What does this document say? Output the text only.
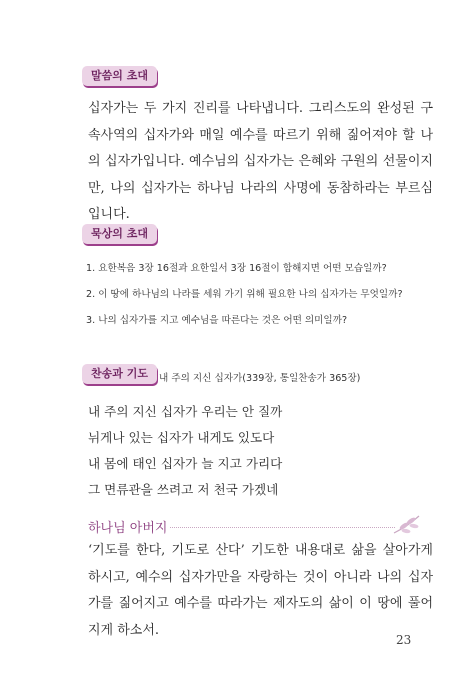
말씀의 초대

십자가는 두 가지 진리를 나타냅니다. 그리스도의 완성된 구속사역의 십자가와 매일 예수를 따르기 위해 짊어져야 할 나의 십자가입니다. 예수님의 십자가는 은혜와 구원의 선물이지만, 나의 십자가는 하나님 나라의 사명에 동참하라는 부르심입니다.

묵상의 초대
1. 요한복음 3장 16절과 요한일서 3장 16절이 합해지면 어떤 모습일까?
2. 이 땅에 하나님의 나라를 세워 가기 위해 필요한 나의 십자가는 무엇일까?
3. 나의 십자가를 지고 예수님을 따른다는 것은 어떤 의미일까?
찬송과 기도	내 주의 지신 십자가(339장, 통일찬송가 365장)
내 주의 지신 십자가 우리는 안 질까
뉘게나 있는 십자가 내게도 있도다
내 몸에 태인 십자가 늘 지고 가리다
그 면류관을 쓰려고 저 천국 가겠네
하나님 아버지

‘기도를 한다, 기도로 산다’ 기도한 내용대로 삶을 살아가게 하시고, 예수의 십자가만을 자랑하는 것이 아니라 나의 십자가를 짊어지고 예수를 따라가는 제자도의 삶이 이 땅에 풀어지게 하소서.

23
